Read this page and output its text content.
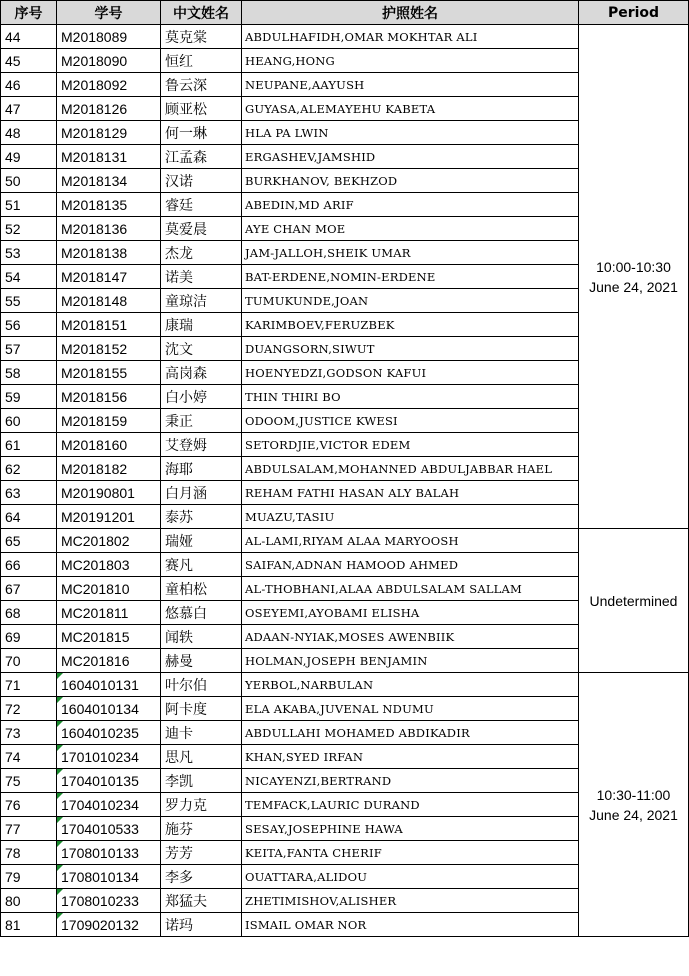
序号	学号	中文姓名	护照姓名	Period
44	M2018089	莫克棠	ABDULHAFIDH,OMAR MOKHTAR ALI	10:00-10:30
June 24, 2021

45	M2018090	恒红	HEANG,HONG	
46	M2018092	鲁云深	NEUPANE,AAYUSH	
47	M2018126	顾亚松	GUYASA,ALEMAYEHU KABETA	
48	M2018129	何一琳	HLA PA LWIN	
49	M2018131	江孟森	ERGASHEV,JAMSHID	
50	M2018134	汉诺	BURKHANOV, BEKHZOD	
51	M2018135	睿廷	ABEDIN,MD ARIF	
52	M2018136	莫爱晨	AYE CHAN MOE	
53	M2018138	杰龙	JAM-JALLOH,SHEIK UMAR	
54	M2018147	诺美	BAT-ERDENE,NOMIN-ERDENE	
55	M2018148	童琼洁	TUMUKUNDE,JOAN	
56	M2018151	康瑞	KARIMBOEV,FERUZBEK	
57	M2018152	沈文	DUANGSORN,SIWUT	
58	M2018155	高岗森	HOENYEDZI,GODSON KAFUI	
59	M2018156	白小婷	THIN THIRI BO	
60	M2018159	秉正	ODOOM,JUSTICE KWESI	
61	M2018160	艾登姆	SETORDJIE,VICTOR EDEM	
62	M2018182	海耶	ABDULSALAM,MOHANNED ABDULJABBAR HAEL	
63	M20190801	白月涵	REHAM FATHI HASAN ALY BALAH	
64	M20191201	泰苏	MUAZU,TASIU	
65	MC201802	瑞娅	AL-LAMI,RIYAM ALAA MARYOOSH	Undetermined

66	MC201803	赛凡	SAIFAN,ADNAN HAMOOD AHMED	
67	MC201810	童柏松	AL-THOBHANI,ALAA ABDULSALAM SALLAM	
68	MC201811	悠慕白	OSEYEMI,AYOBAMI ELISHA	
69	MC201815	闻轶	ADAAN-NYIAK,MOSES AWENBIIK	
70	MC201816	赫曼	HOLMAN,JOSEPH BENJAMIN	
71	1604010131	叶尔伯	YERBOL,NARBULAN	10:30-11:00
June 24, 2021

72	1604010134	阿卡度	ELA AKABA,JUVENAL NDUMU	
73	1604010235	迪卡	ABDULLAHI MOHAMED ABDIKADIR	
74	1701010234	思凡	KHAN,SYED IRFAN	
75	1704010135	李凯	NICAYENZI,BERTRAND	
76	1704010234	罗力克	TEMFACK,LAURIC DURAND	
77	1704010533	施芬	SESAY,JOSEPHINE HAWA	
78	1708010133	芳芳	KEITA,FANTA CHERIF	
79	1708010134	李多	OUATTARA,ALIDOU	
80	1708010233	郑猛夫	ZHETIMISHOV,ALISHER	
81	1709020132	诺玛	ISMAIL OMAR NOR	
